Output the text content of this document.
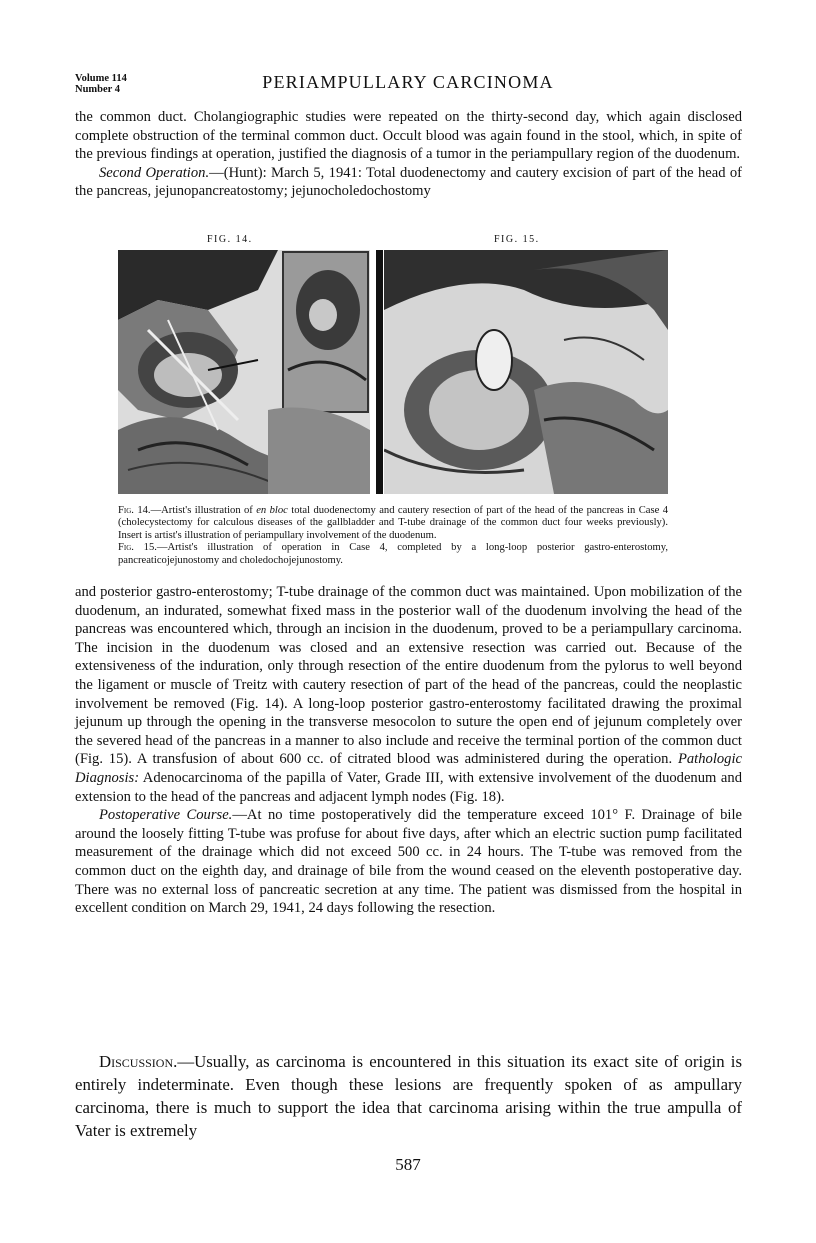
Volume 114
Number 4	PERIAMPULLARY CARCINOMA

the common duct. Cholangiographic studies were repeated on the thirty-second day, which again disclosed complete obstruction of the terminal common duct. Occult blood was again found in the stool, which, in spite of the previous findings at operation, justified the diagnosis of a tumor in the periampullary region of the duodenum.

Second Operation.—(Hunt): March 5, 1941: Total duodenectomy and cautery excision of part of the head of the pancreas, jejunopancreatostomy; jejunocholedochostomy

FIG. 14.	FIG. 15.

Fig. 14.—Artist's illustration of en bloc total duodenectomy and cautery resection of part of the head of the pancreas in Case 4 (cholecystectomy for calculous diseases of the gallbladder and T-tube drainage of the common duct four weeks previously). Insert is artist's illustration of periampullary involvement of the duodenum.

Fig. 15.—Artist's illustration of operation in Case 4, completed by a long-loop posterior gastro-enterostomy, pancreaticojejunostomy and choledochojejunostomy.

and posterior gastro-enterostomy; T-tube drainage of the common duct was maintained. Upon mobilization of the duodenum, an indurated, somewhat fixed mass in the posterior wall of the duodenum involving the head of the pancreas was encountered which, through an incision in the duodenum, proved to be a periampullary carcinoma. The incision in the duodenum was closed and an extensive resection was carried out. Because of the extensiveness of the induration, only through resection of the entire duodenum from the pylorus to well beyond the ligament or muscle of Treitz with cautery resection of part of the head of the pancreas, could the neoplastic involvement be removed (Fig. 14). A long-loop posterior gastro-enterostomy facilitated drawing the proximal jejunum up through the opening in the transverse mesocolon to suture the open end of jejunum completely over the severed head of the pancreas in a manner to also include and receive the terminal portion of the common duct (Fig. 15). A transfusion of about 600 cc. of citrated blood was administered during the operation. Pathologic Diagnosis: Adenocarcinoma of the papilla of Vater, Grade III, with extensive involvement of the duodenum and extension to the head of the pancreas and adjacent lymph nodes (Fig. 18).

Postoperative Course.—At no time postoperatively did the temperature exceed 101° F. Drainage of bile around the loosely fitting T-tube was profuse for about five days, after which an electric suction pump facilitated measurement of the drainage which did not exceed 500 cc. in 24 hours. The T-tube was removed from the common duct on the eighth day, and drainage of bile from the wound ceased on the eleventh postoperative day. There was no external loss of pancreatic secretion at any time. The patient was dismissed from the hospital in excellent condition on March 29, 1941, 24 days following the resection.

Discussion.—Usually, as carcinoma is encountered in this situation its exact site of origin is entirely indeterminate. Even though these lesions are frequently spoken of as ampullary carcinoma, there is much to support the idea that carcinoma arising within the true ampulla of Vater is extremely

587
